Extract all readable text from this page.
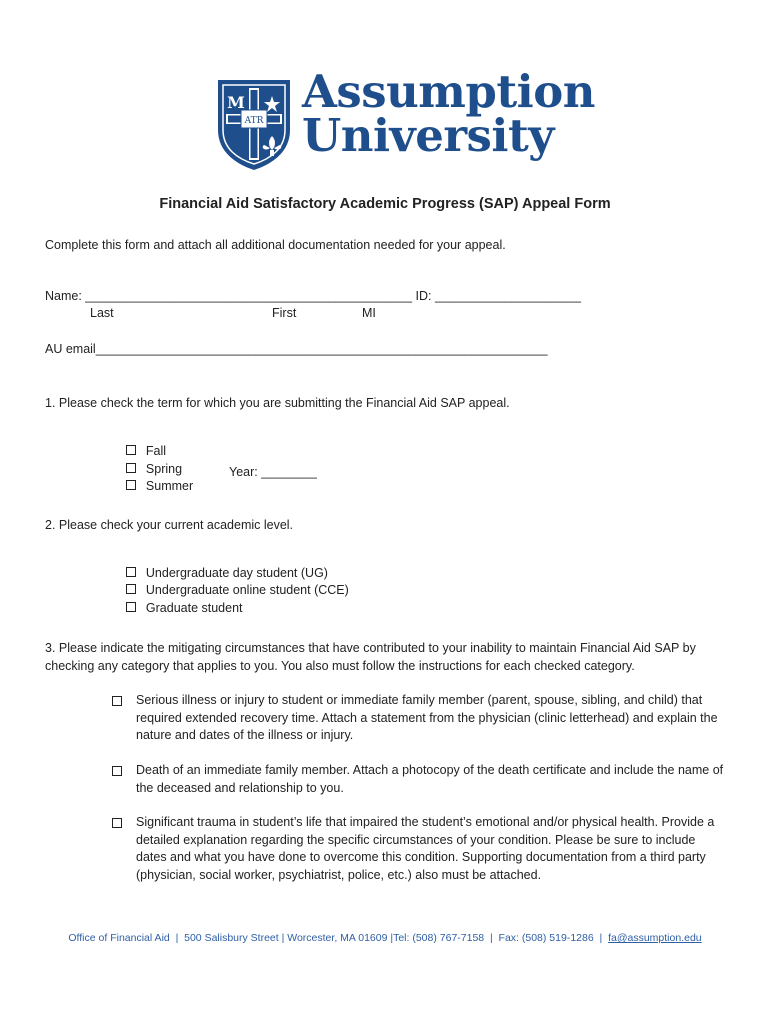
ATR
M Assumption
University
Financial Aid Satisfactory Academic Progress (SAP) Appeal Form
Complete this form and attach all additional documentation needed for your appeal.
Name: _______________________________________________ ID: _____________________
Last	First	MI
AU email_________________________________________________________________
1. Please check the term for which you are submitting the Financial Aid SAP appeal.

Fall

Spring

Summer

Year: ________
2. Please check your current academic level.

Undergraduate day student (UG)

Undergraduate online student (CCE)

Graduate student

3. Please indicate the mitigating circumstances that have contributed to your inability to maintain Financial Aid SAP by checking any category that applies to you. You also must follow the instructions for each checked category.
Serious illness or injury to student or immediate family member (parent, spouse, sibling, and child) that required extended recovery time. Attach a statement from the physician (clinic letterhead) and explain the nature and dates of the illness or injury.
Death of an immediate family member. Attach a photocopy of the death certificate and include the name of the deceased and relationship to you.
Significant trauma in student’s life that impaired the student’s emotional and/or physical health. Provide a detailed explanation regarding the specific circumstances of your condition. Please be sure to include dates and what you have done to overcome this condition. Supporting documentation from a third party (physician, social worker, psychiatrist, police, etc.) also must be attached.
Office of Financial Aid  |  500 Salisbury Street | Worcester, MA 01609 |Tel: (508) 767-7158  |  Fax: (508) 519-1286  |  fa@assumption.edu
